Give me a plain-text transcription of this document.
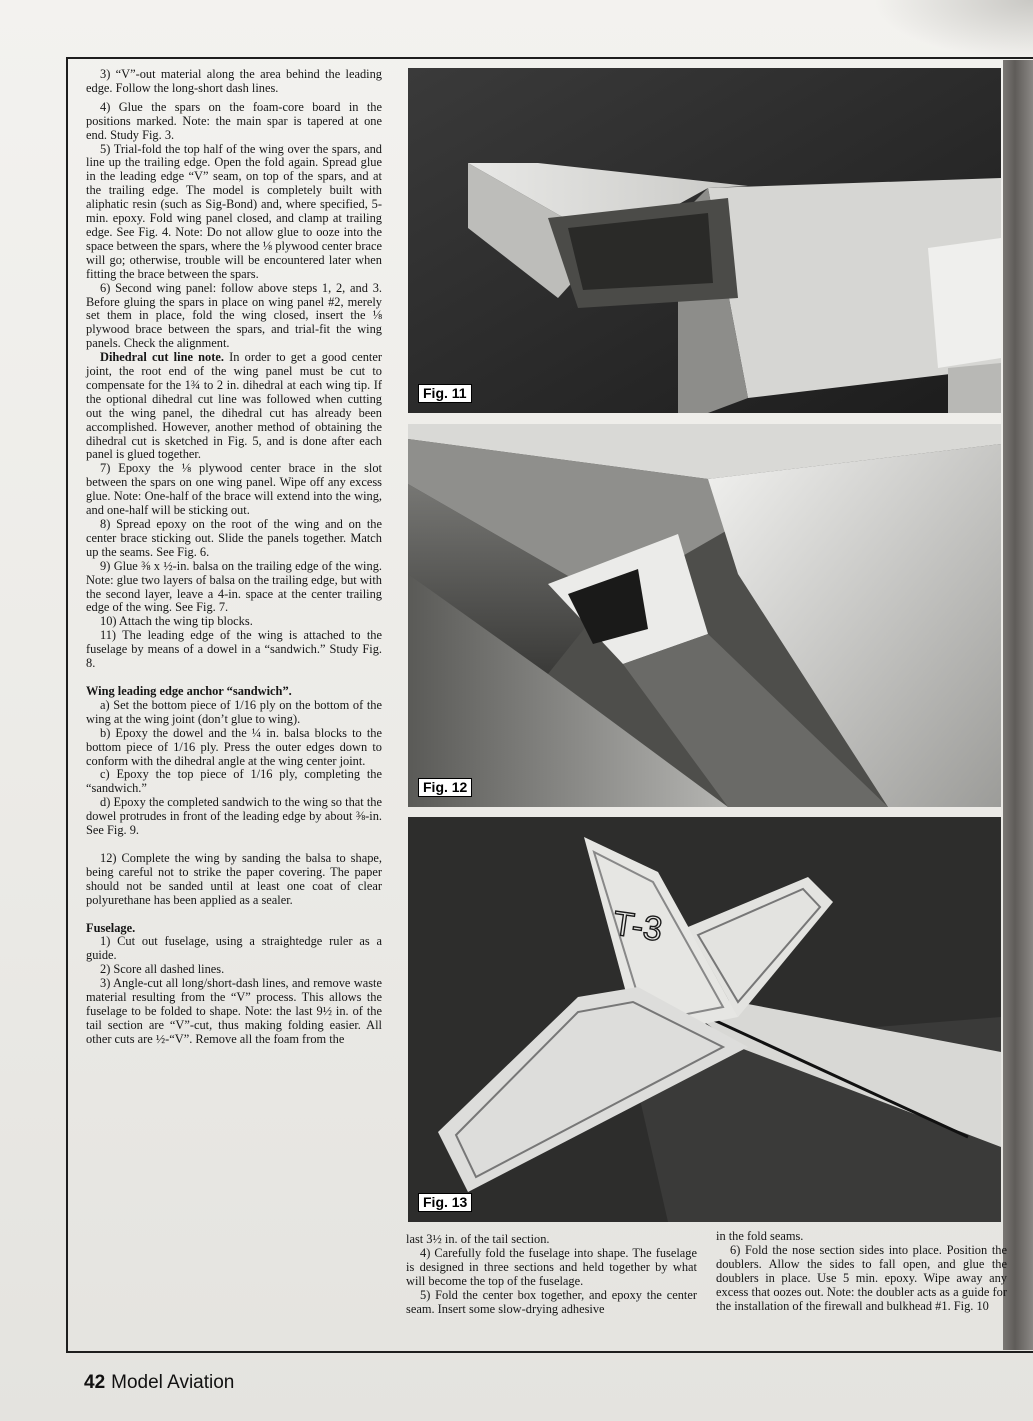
3) “V”-out material along the area behind the leading edge. Follow the long-short dash lines.

4) Glue the spars on the foam-core board in the positions marked. Note: the main spar is tapered at one end. Study Fig. 3.

5) Trial-fold the top half of the wing over the spars, and line up the trailing edge. Open the fold again. Spread glue in the leading edge “V” seam, on top of the spars, and at the trailing edge. The model is completely built with aliphatic resin (such as Sig-Bond) and, where specified, 5-min. epoxy. Fold wing panel closed, and clamp at trailing edge. See Fig. 4. Note: Do not allow glue to ooze into the space between the spars, where the ⅛ plywood center brace will go; otherwise, trouble will be encountered later when fitting the brace between the spars.

6) Second wing panel: follow above steps 1, 2, and 3. Before gluing the spars in place on wing panel #2, merely set them in place, fold the wing closed, insert the ⅛ plywood brace between the spars, and trial-fit the wing panels. Check the alignment.

Dihedral cut line note. In order to get a good center joint, the root end of the wing panel must be cut to compensate for the 1¾ to 2 in. dihedral at each wing tip. If the optional dihedral cut line was followed when cutting out the wing panel, the dihedral cut has already been accomplished. However, another method of obtaining the dihedral cut is sketched in Fig. 5, and is done after each panel is glued together.

7) Epoxy the ⅛ plywood center brace in the slot between the spars on one wing panel. Wipe off any excess glue. Note: One-half of the brace will extend into the wing, and one-half will be sticking out.

8) Spread epoxy on the root of the wing and on the center brace sticking out. Slide the panels together. Match up the seams. See Fig. 6.

9) Glue ⅜ x ½-in. balsa on the trailing edge of the wing. Note: glue two layers of balsa on the trailing edge, but with the second layer, leave a 4-in. space at the center trailing edge of the wing. See Fig. 7.

10) Attach the wing tip blocks.

11) The leading edge of the wing is attached to the fuselage by means of a dowel in a “sandwich.” Study Fig. 8.

Wing leading edge anchor “sandwich”.

a) Set the bottom piece of 1/16 ply on the bottom of the wing at the wing joint (don’t glue to wing).

b) Epoxy the dowel and the ¼ in. balsa blocks to the bottom piece of 1/16 ply. Press the outer edges down to conform with the dihedral angle at the wing center joint.

c) Epoxy the top piece of 1/16 ply, completing the “sandwich.”

d) Epoxy the completed sandwich to the wing so that the dowel protrudes in front of the leading edge by about ⅜-in. See Fig. 9.

12) Complete the wing by sanding the balsa to shape, being careful not to strike the paper covering. The paper should not be sanded until at least one coat of clear polyurethane has been applied as a sealer.

Fuselage.

1) Cut out fuselage, using a straightedge ruler as a guide.

2) Score all dashed lines.

3) Angle-cut all long/short-dash lines, and remove waste material resulting from the “V” process. This allows the fuselage to be folded to shape. Note: the last 9½ in. of the tail section are “V”-cut, thus making folding easier. All other cuts are ½-“V”. Remove all the foam from the

Fig. 11
Fig. 12
T-3
Fig. 13

last 3½ in. of the tail section.

4) Carefully fold the fuselage into shape. The fuselage is designed in three sections and held together by what will become the top of the fuselage.

5) Fold the center box together, and epoxy the center seam. Insert some slow-drying adhesive

in the fold seams.

6) Fold the nose section sides into place. Position the doublers. Allow the sides to fall open, and glue the doublers in place. Use 5 min. epoxy. Wipe away any excess that oozes out. Note: the doubler acts as a guide for the installation of the firewall and bulkhead #1. Fig. 10

42 Model Aviation
